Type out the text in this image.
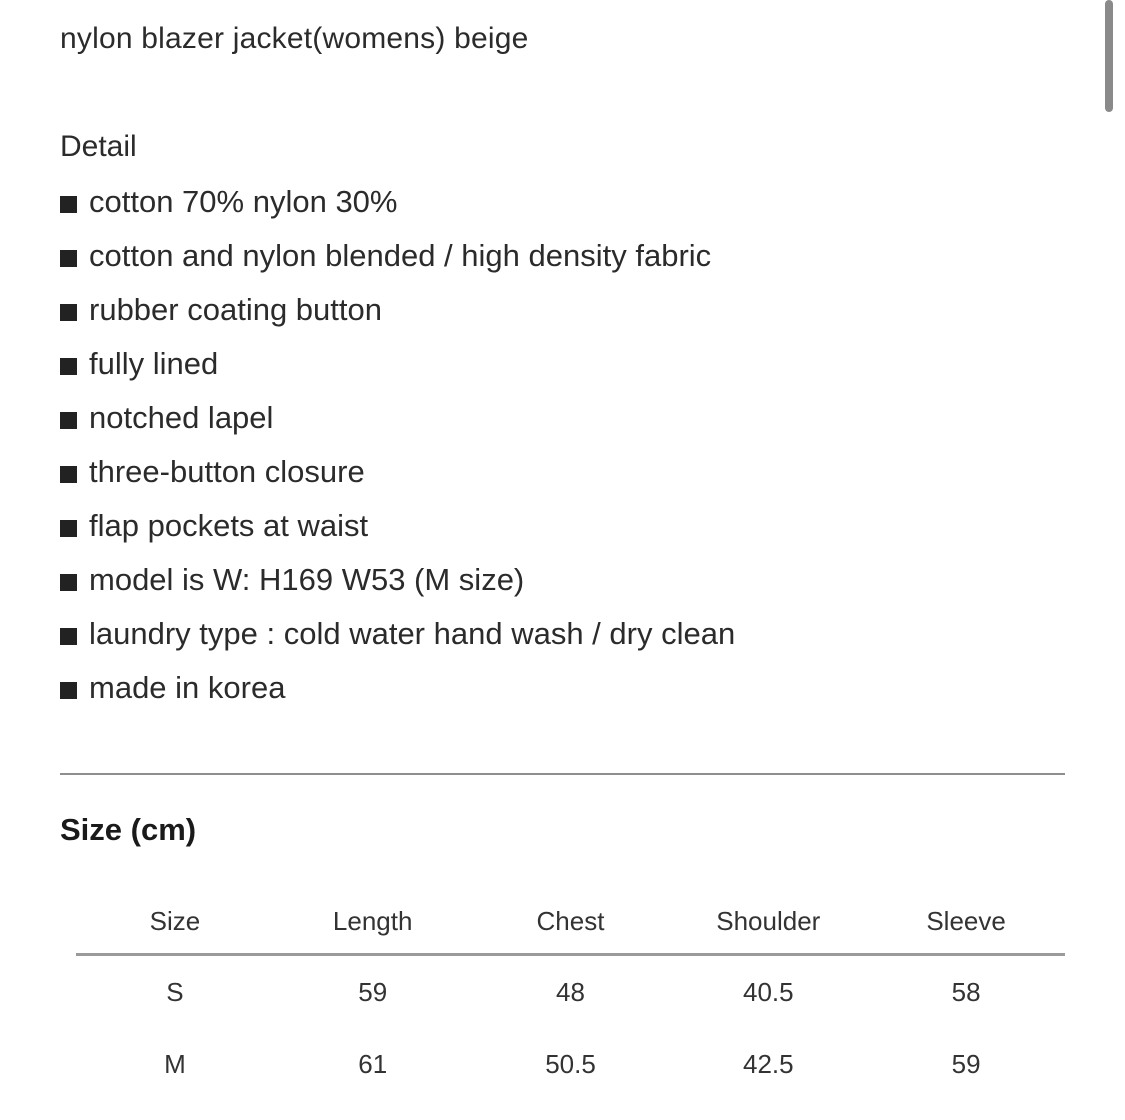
nylon blazer jacket(womens) beige
Detail
cotton 70% nylon 30%
cotton and nylon blended / high density fabric
rubber coating button
fully lined
notched lapel
three-button closure
flap pockets at waist
model is W: H169 W53 (M size)
laundry type : cold water hand wash / dry clean
made in korea
Size (cm)
Size	Length	Chest	Shoulder	Sleeve
S	59	48	40.5	58
M	61	50.5	42.5	59
